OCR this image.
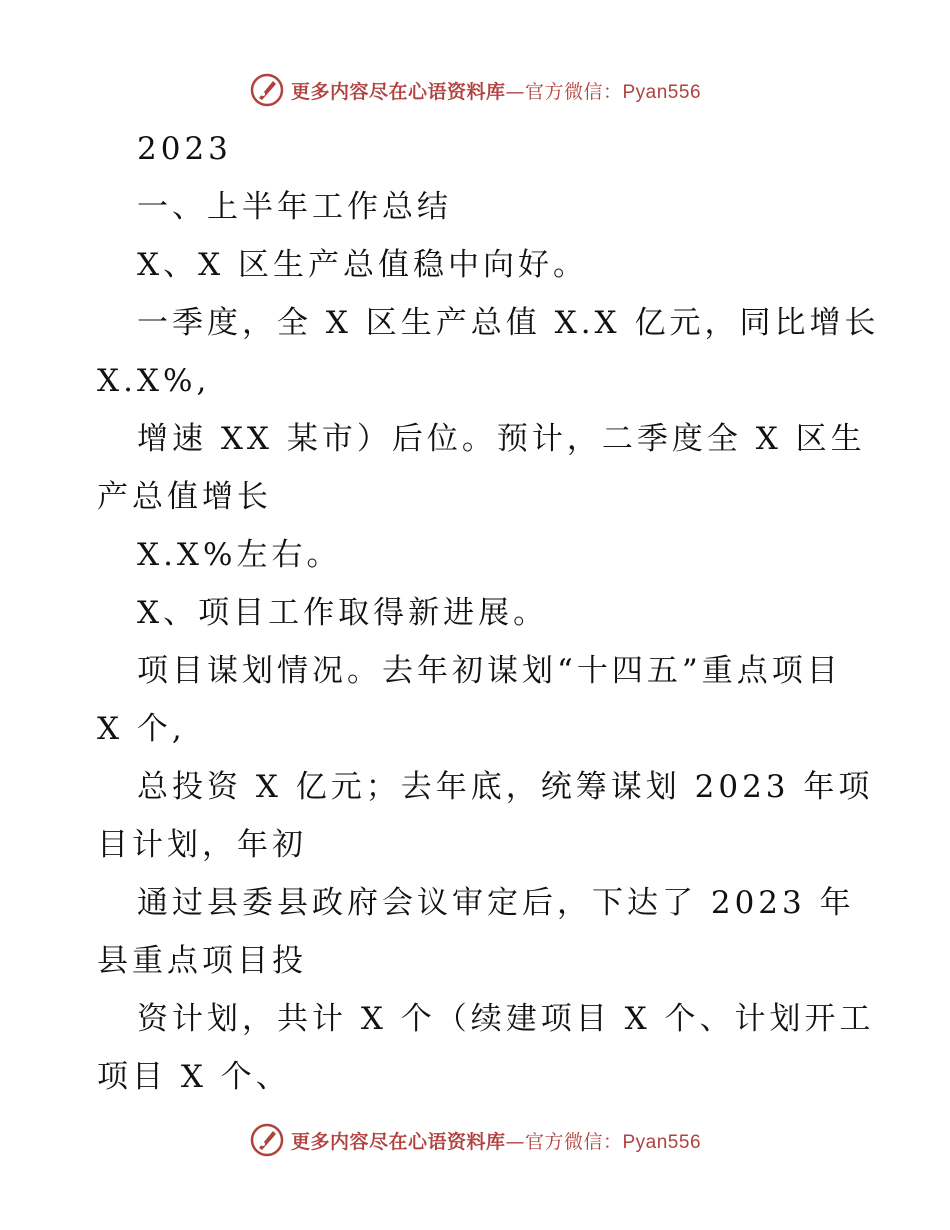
更多内容尽在心语资料库—官方微信：Pyan556
2023
一、上半年工作总结
X、X 区生产总值稳中向好。
一季度，全 X 区生产总值 X.X 亿元，同比增长
X.X%,
增速 XX 某市）后位。预计，二季度全 X 区生
产总值增长
X.X%左右。
X、项目工作取得新进展。
项目谋划情况。去年初谋划“十四五”重点项目
X 个,
总投资 X 亿元；去年底，统筹谋划 2023 年项
目计划，年初
通过县委县政府会议审定后，下达了 2023 年
县重点项目投
资计划，共计 X 个（续建项目 X 个、计划开工
项目 X 个、
更多内容尽在心语资料库—官方微信：Pyan556
